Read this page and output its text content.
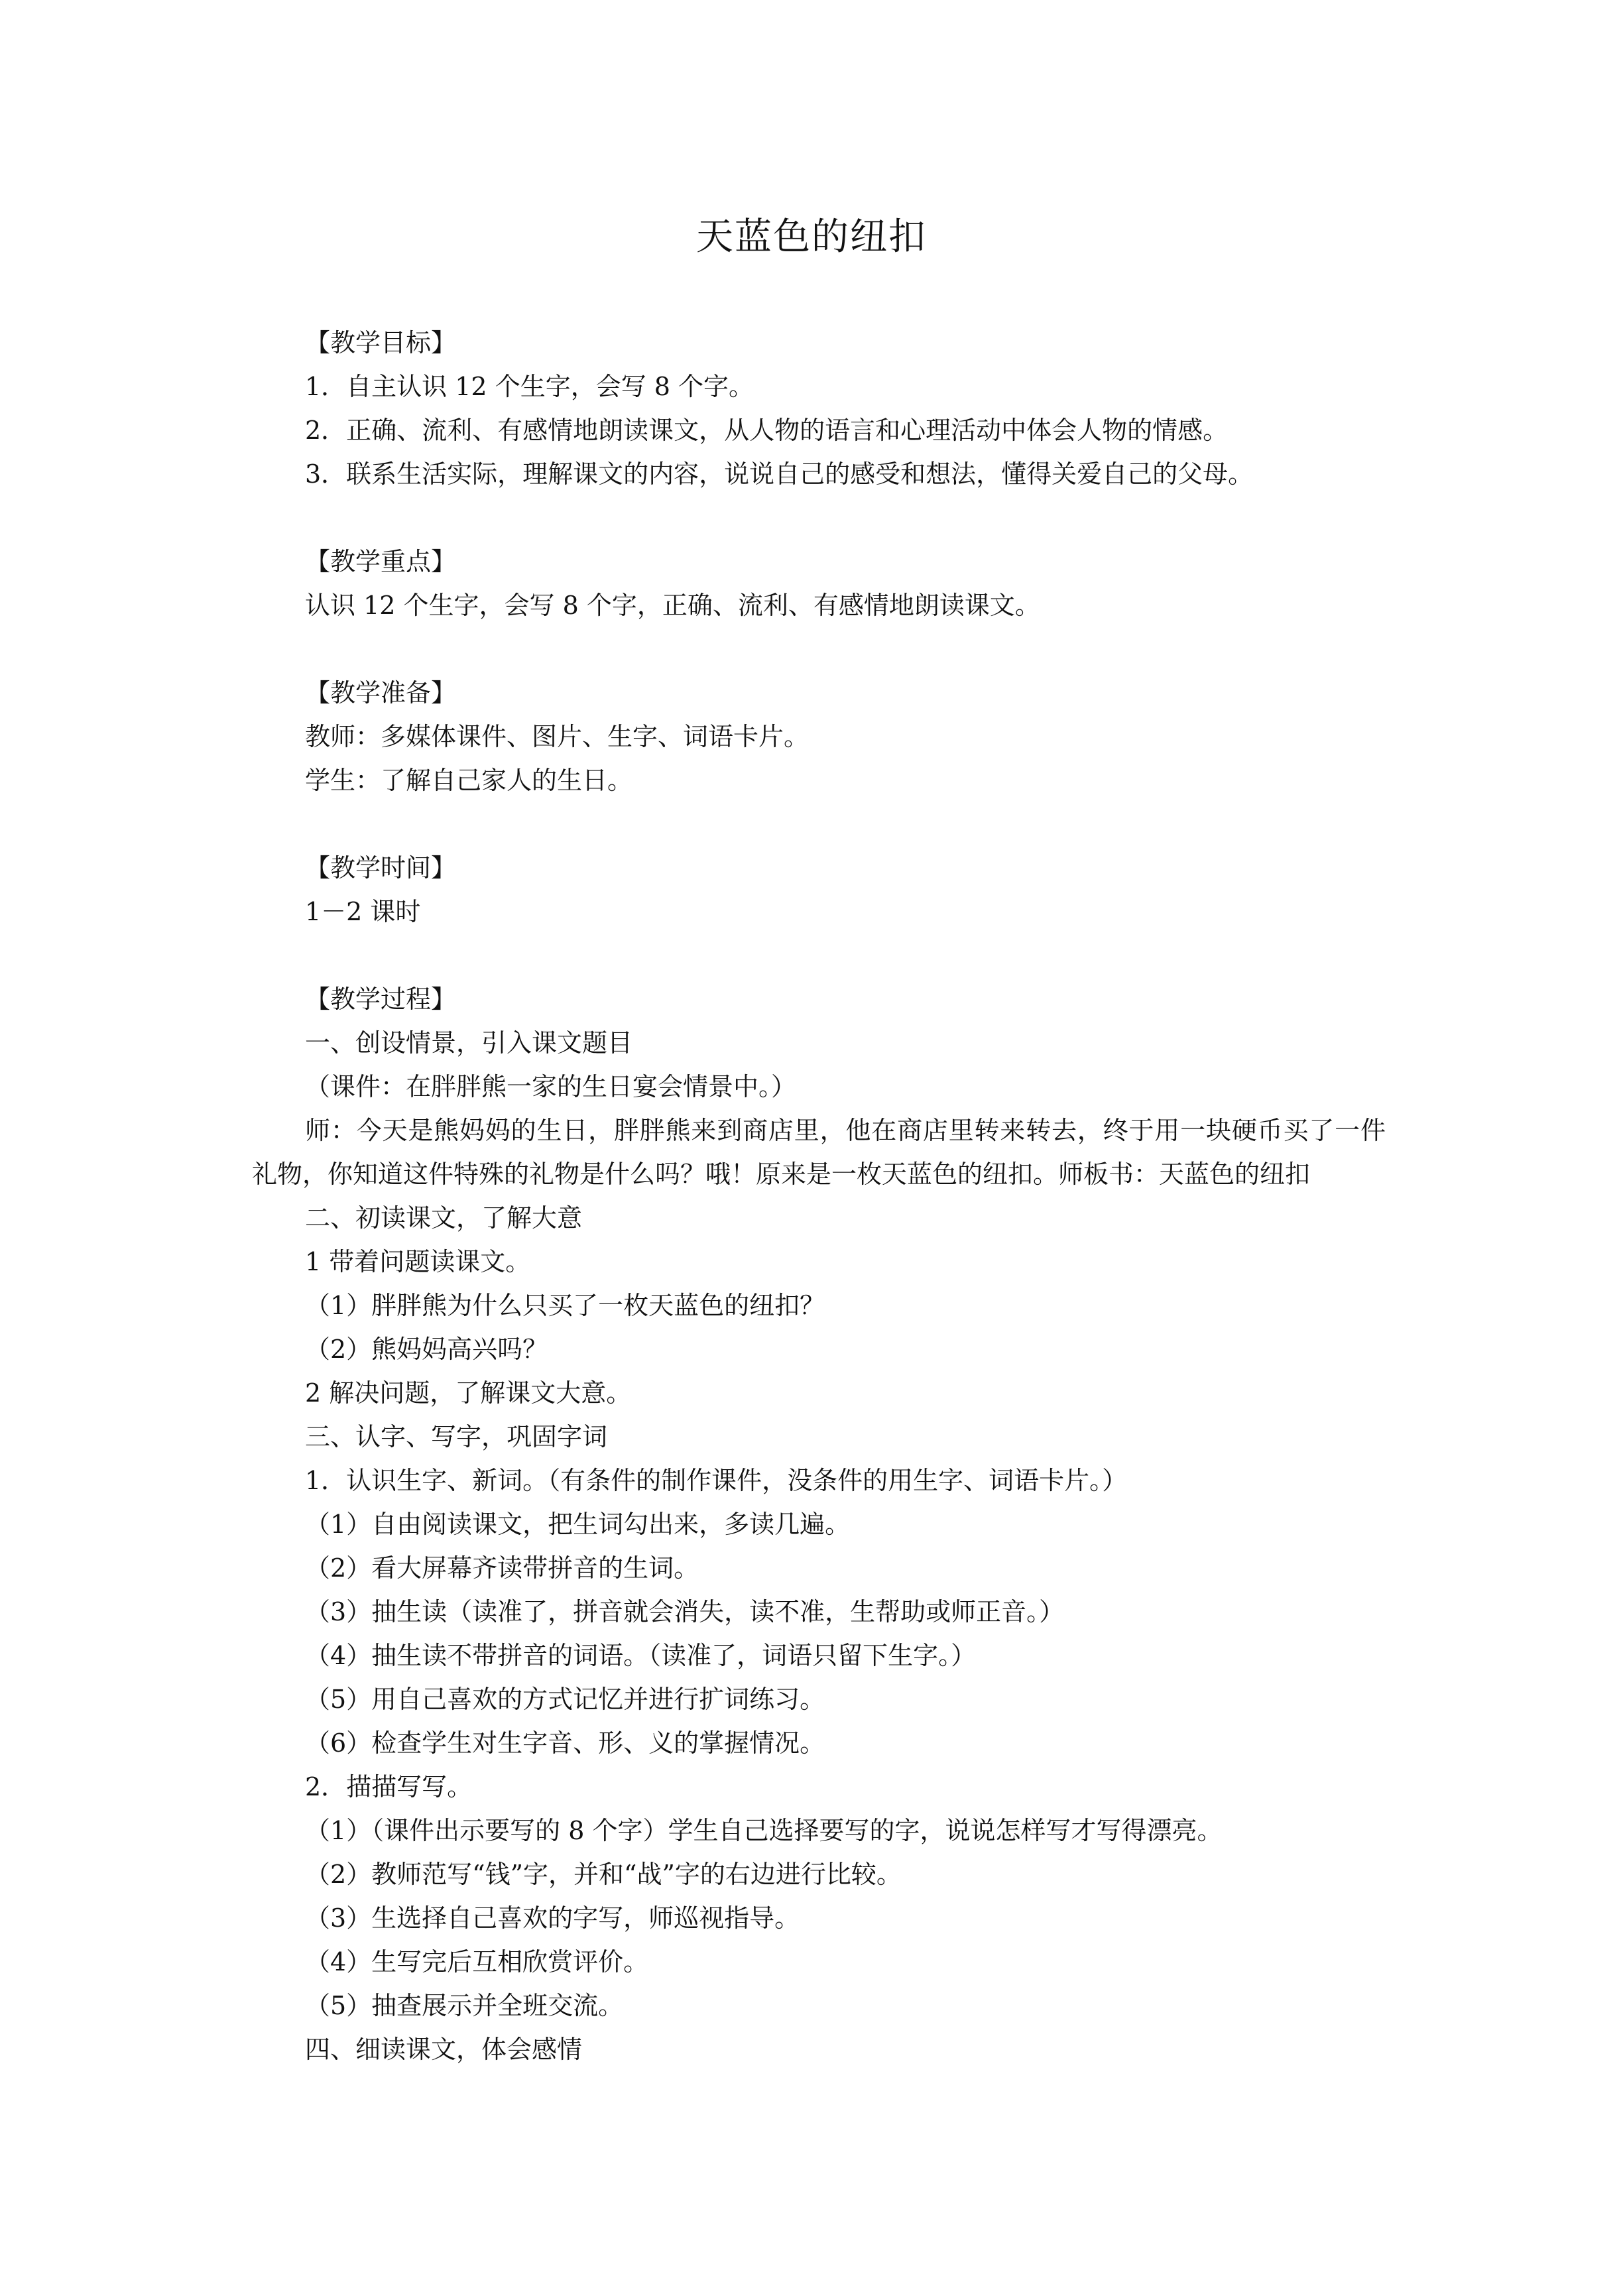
天蓝色的纽扣
【教学目标】
1．自主认识 12 个生字，会写 8 个字。
2．正确、流利、有感情地朗读课文，从人物的语言和心理活动中体会人物的情感。
3．联系生活实际，理解课文的内容，说说自己的感受和想法，懂得关爱自己的父母。
【教学重点】
认识 12 个生字，会写 8 个字，正确、流利、有感情地朗读课文。
【教学准备】
教师：多媒体课件、图片、生字、词语卡片。
学生：了解自己家人的生日。
【教学时间】
1－2 课时
【教学过程】
一、创设情景，引入课文题目
（课件：在胖胖熊一家的生日宴会情景中。）
师：今天是熊妈妈的生日，胖胖熊来到商店里，他在商店里转来转去，终于用一块硬币买了一件礼物，你知道这件特殊的礼物是什么吗？哦！原来是一枚天蓝色的纽扣。师板书：天蓝色的纽扣
二、初读课文，了解大意
1 带着问题读课文。
（1）胖胖熊为什么只买了一枚天蓝色的纽扣？
（2）熊妈妈高兴吗？
2 解决问题，了解课文大意。
三、认字、写字，巩固字词
1．认识生字、新词。（有条件的制作课件，没条件的用生字、词语卡片。）
（1）自由阅读课文，把生词勾出来，多读几遍。
（2）看大屏幕齐读带拼音的生词。
（3）抽生读（读准了，拼音就会消失，读不准，生帮助或师正音。）
（4）抽生读不带拼音的词语。（读准了，词语只留下生字。）
（5）用自己喜欢的方式记忆并进行扩词练习。
（6）检查学生对生字音、形、义的掌握情况。
2．描描写写。
（1）（课件出示要写的 8 个字）学生自己选择要写的字，说说怎样写才写得漂亮。
（2）教师范写“钱”字，并和“战”字的右边进行比较。
（3）生选择自己喜欢的字写，师巡视指导。
（4）生写完后互相欣赏评价。
（5）抽查展示并全班交流。
四、细读课文，体会感情
